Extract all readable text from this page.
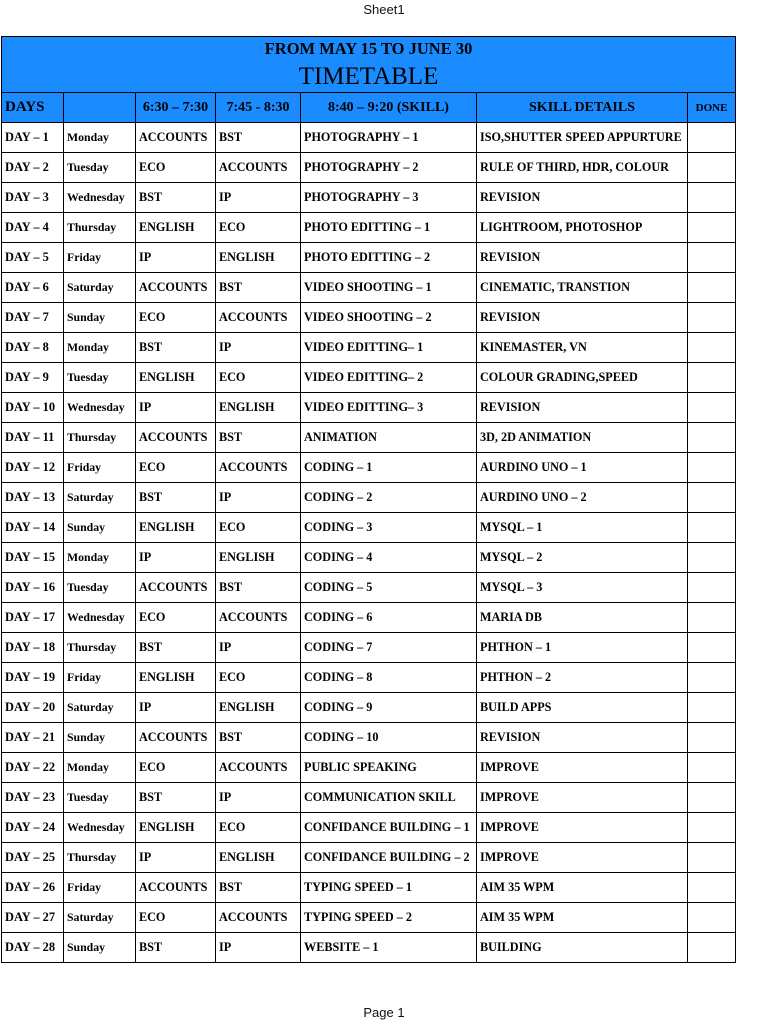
Sheet1
FROM MAY 15 TO JUNE 30						
TIMETABLE						
DAYS		6:30 – 7:30	7:45 - 8:30	8:40 – 9:20 (SKILL)	SKILL DETAILS	DONE
DAY – 1	Monday	ACCOUNTS	BST	PHOTOGRAPHY – 1	ISO,SHUTTER SPEED APPURTURE	
DAY – 2	Tuesday	ECO	ACCOUNTS	PHOTOGRAPHY – 2	RULE OF THIRD, HDR, COLOUR	
DAY – 3	Wednesday	BST	IP	PHOTOGRAPHY – 3	REVISION	
DAY – 4	Thursday	ENGLISH	ECO	PHOTO EDITTING – 1	LIGHTROOM, PHOTOSHOP	
DAY – 5	Friday	IP	ENGLISH	PHOTO EDITTING – 2	REVISION	
DAY – 6	Saturday	ACCOUNTS	BST	VIDEO SHOOTING – 1	CINEMATIC, TRANSTION	
DAY – 7	Sunday	ECO	ACCOUNTS	VIDEO SHOOTING – 2	REVISION	
DAY – 8	Monday	BST	IP	VIDEO EDITTING– 1	KINEMASTER, VN	
DAY – 9	Tuesday	ENGLISH	ECO	VIDEO EDITTING– 2	COLOUR GRADING,SPEED	
DAY – 10	Wednesday	IP	ENGLISH	VIDEO EDITTING– 3	REVISION	
DAY – 11	Thursday	ACCOUNTS	BST	ANIMATION	3D, 2D ANIMATION	
DAY – 12	Friday	ECO	ACCOUNTS	CODING – 1	AURDINO UNO – 1	
DAY – 13	Saturday	BST	IP	CODING – 2	AURDINO UNO – 2	
DAY – 14	Sunday	ENGLISH	ECO	CODING – 3	MYSQL – 1	
DAY – 15	Monday	IP	ENGLISH	CODING – 4	MYSQL – 2	
DAY – 16	Tuesday	ACCOUNTS	BST	CODING – 5	MYSQL – 3	
DAY – 17	Wednesday	ECO	ACCOUNTS	CODING – 6	MARIA DB	
DAY – 18	Thursday	BST	IP	CODING – 7	PHTHON – 1	
DAY – 19	Friday	ENGLISH	ECO	CODING – 8	PHTHON – 2	
DAY – 20	Saturday	IP	ENGLISH	CODING – 9	BUILD APPS	
DAY – 21	Sunday	ACCOUNTS	BST	CODING – 10	REVISION	
DAY – 22	Monday	ECO	ACCOUNTS	PUBLIC SPEAKING	IMPROVE	
DAY – 23	Tuesday	BST	IP	COMMUNICATION SKILL	IMPROVE	
DAY – 24	Wednesday	ENGLISH	ECO	CONFIDANCE BUILDING – 1	IMPROVE	
DAY – 25	Thursday	IP	ENGLISH	CONFIDANCE BUILDING – 2	IMPROVE	
DAY – 26	Friday	ACCOUNTS	BST	TYPING SPEED – 1	AIM 35 WPM	
DAY – 27	Saturday	ECO	ACCOUNTS	TYPING SPEED – 2	AIM 35 WPM	
DAY – 28	Sunday	BST	IP	WEBSITE – 1	BUILDING	
Page 1
